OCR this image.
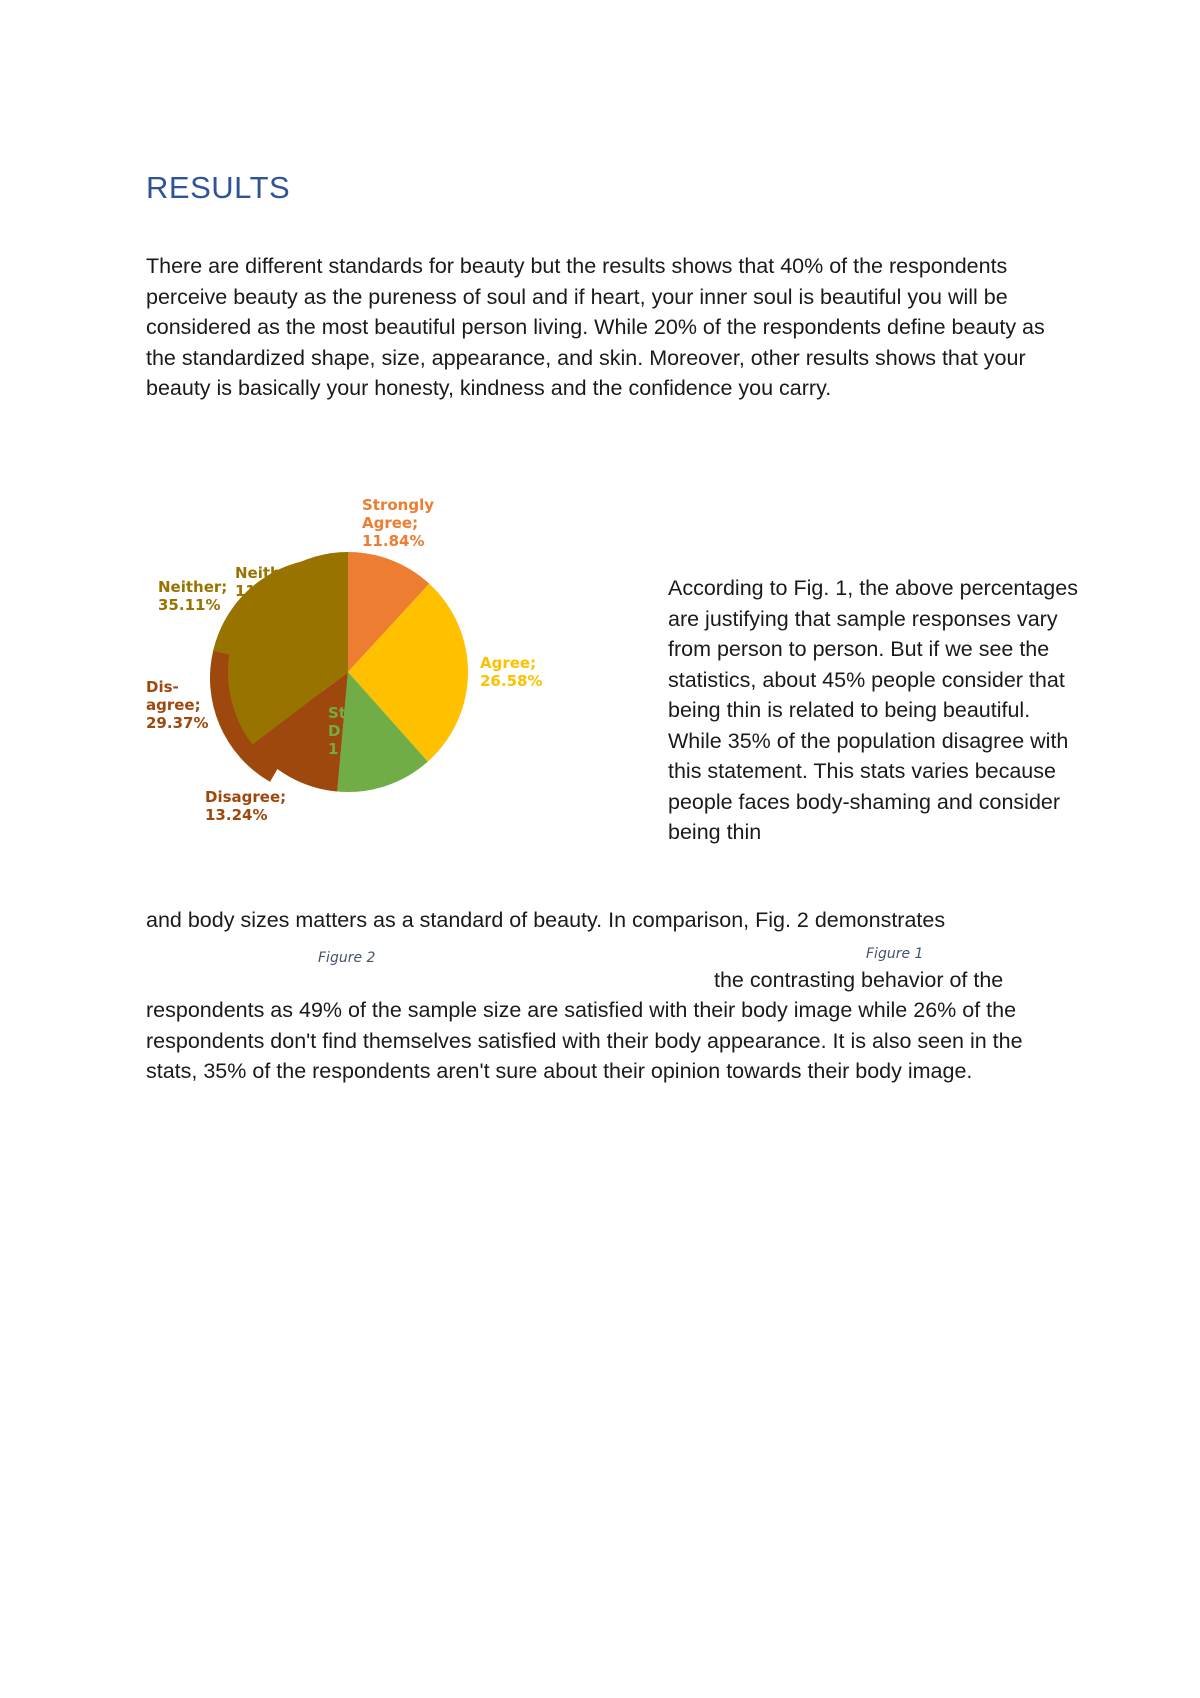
RESULTS

There are different standards for beauty but the results shows that 40% of the respondents perceive beauty as the pureness of soul and if heart, your inner soul is beautiful you will be considered as the most beautiful person living. While 20% of the respondents define beauty as the standardized shape, size, appearance, and skin. Moreover, other results shows that your beauty is basically your honesty, kindness and the confidence you carry.

Strongly Agree; 11.84%
Agree; 26.58%
St D 1
Disagree; 13.24%
Neith 11
Dis-agree; 29.37%
Neither; 35.11%

According to Fig. 1, the above percentages are justifying that sample responses vary from person to person. But if we see the statistics, about 45% people consider that being thin is related to being beautiful. While 35% of the population disagree with this statement. This stats varies because people faces body-shaming and consider being thin

and body sizes matters as a standard of beauty. In comparison, Fig. 2 demonstrates

Figure 2	Figure 1

the contrasting behavior of the

respondents as 49% of the sample size are satisfied with their body image while 26% of the respondents don't find themselves satisfied with their body appearance. It is also seen in the stats, 35% of the respondents aren't sure about their opinion towards their body image.
